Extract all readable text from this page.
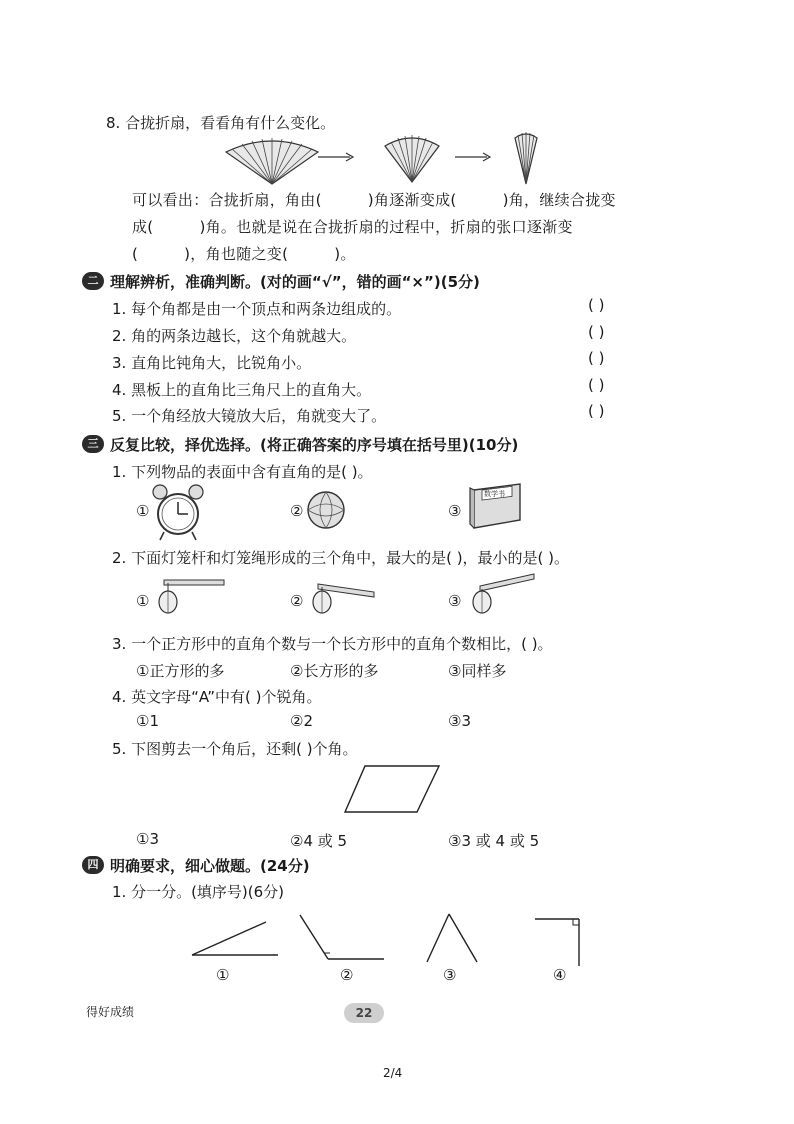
8. 合拢折扇，看看角有什么变化。
可以看出：合拢折扇，角由(	)角逐渐变成(	)角，继续合拢变
成(	)角。也就是说在合拢折扇的过程中，折扇的张口逐渐变
(	)，角也随之变(	)。
二 理解辨析，准确判断。(对的画“√”，错的画“×”)(5分)
1. 每个角都是由一个顶点和两条边组成的。	( )
2. 角的两条边越长，这个角就越大。	( )
3. 直角比钝角大，比锐角小。	( )
4. 黑板上的直角比三角尺上的直角大。	( )
5. 一个角经放大镜放大后，角就变大了。	( )
三 反复比较，择优选择。(将正确答案的序号填在括号里)(10分)
1. 下列物品的表面中含有直角的是( )。
①	②	③
数学书
2. 下面灯笼杆和灯笼绳形成的三个角中，最大的是( )，最小的是( )。
①	②	③
3. 一个正方形中的直角个数与一个长方形中的直角个数相比，( )。
①正方形的多	②长方形的多	③同样多
4. 英文字母“A”中有( )个锐角。
①1	②2	③3
5. 下图剪去一个角后，还剩( )个角。
①3	②4 或 5	③3 或 4 或 5
四 明确要求，细心做题。(24分)
1. 分一分。(填序号)(6分)
①	②	③	④
得好成绩	22
2/4
